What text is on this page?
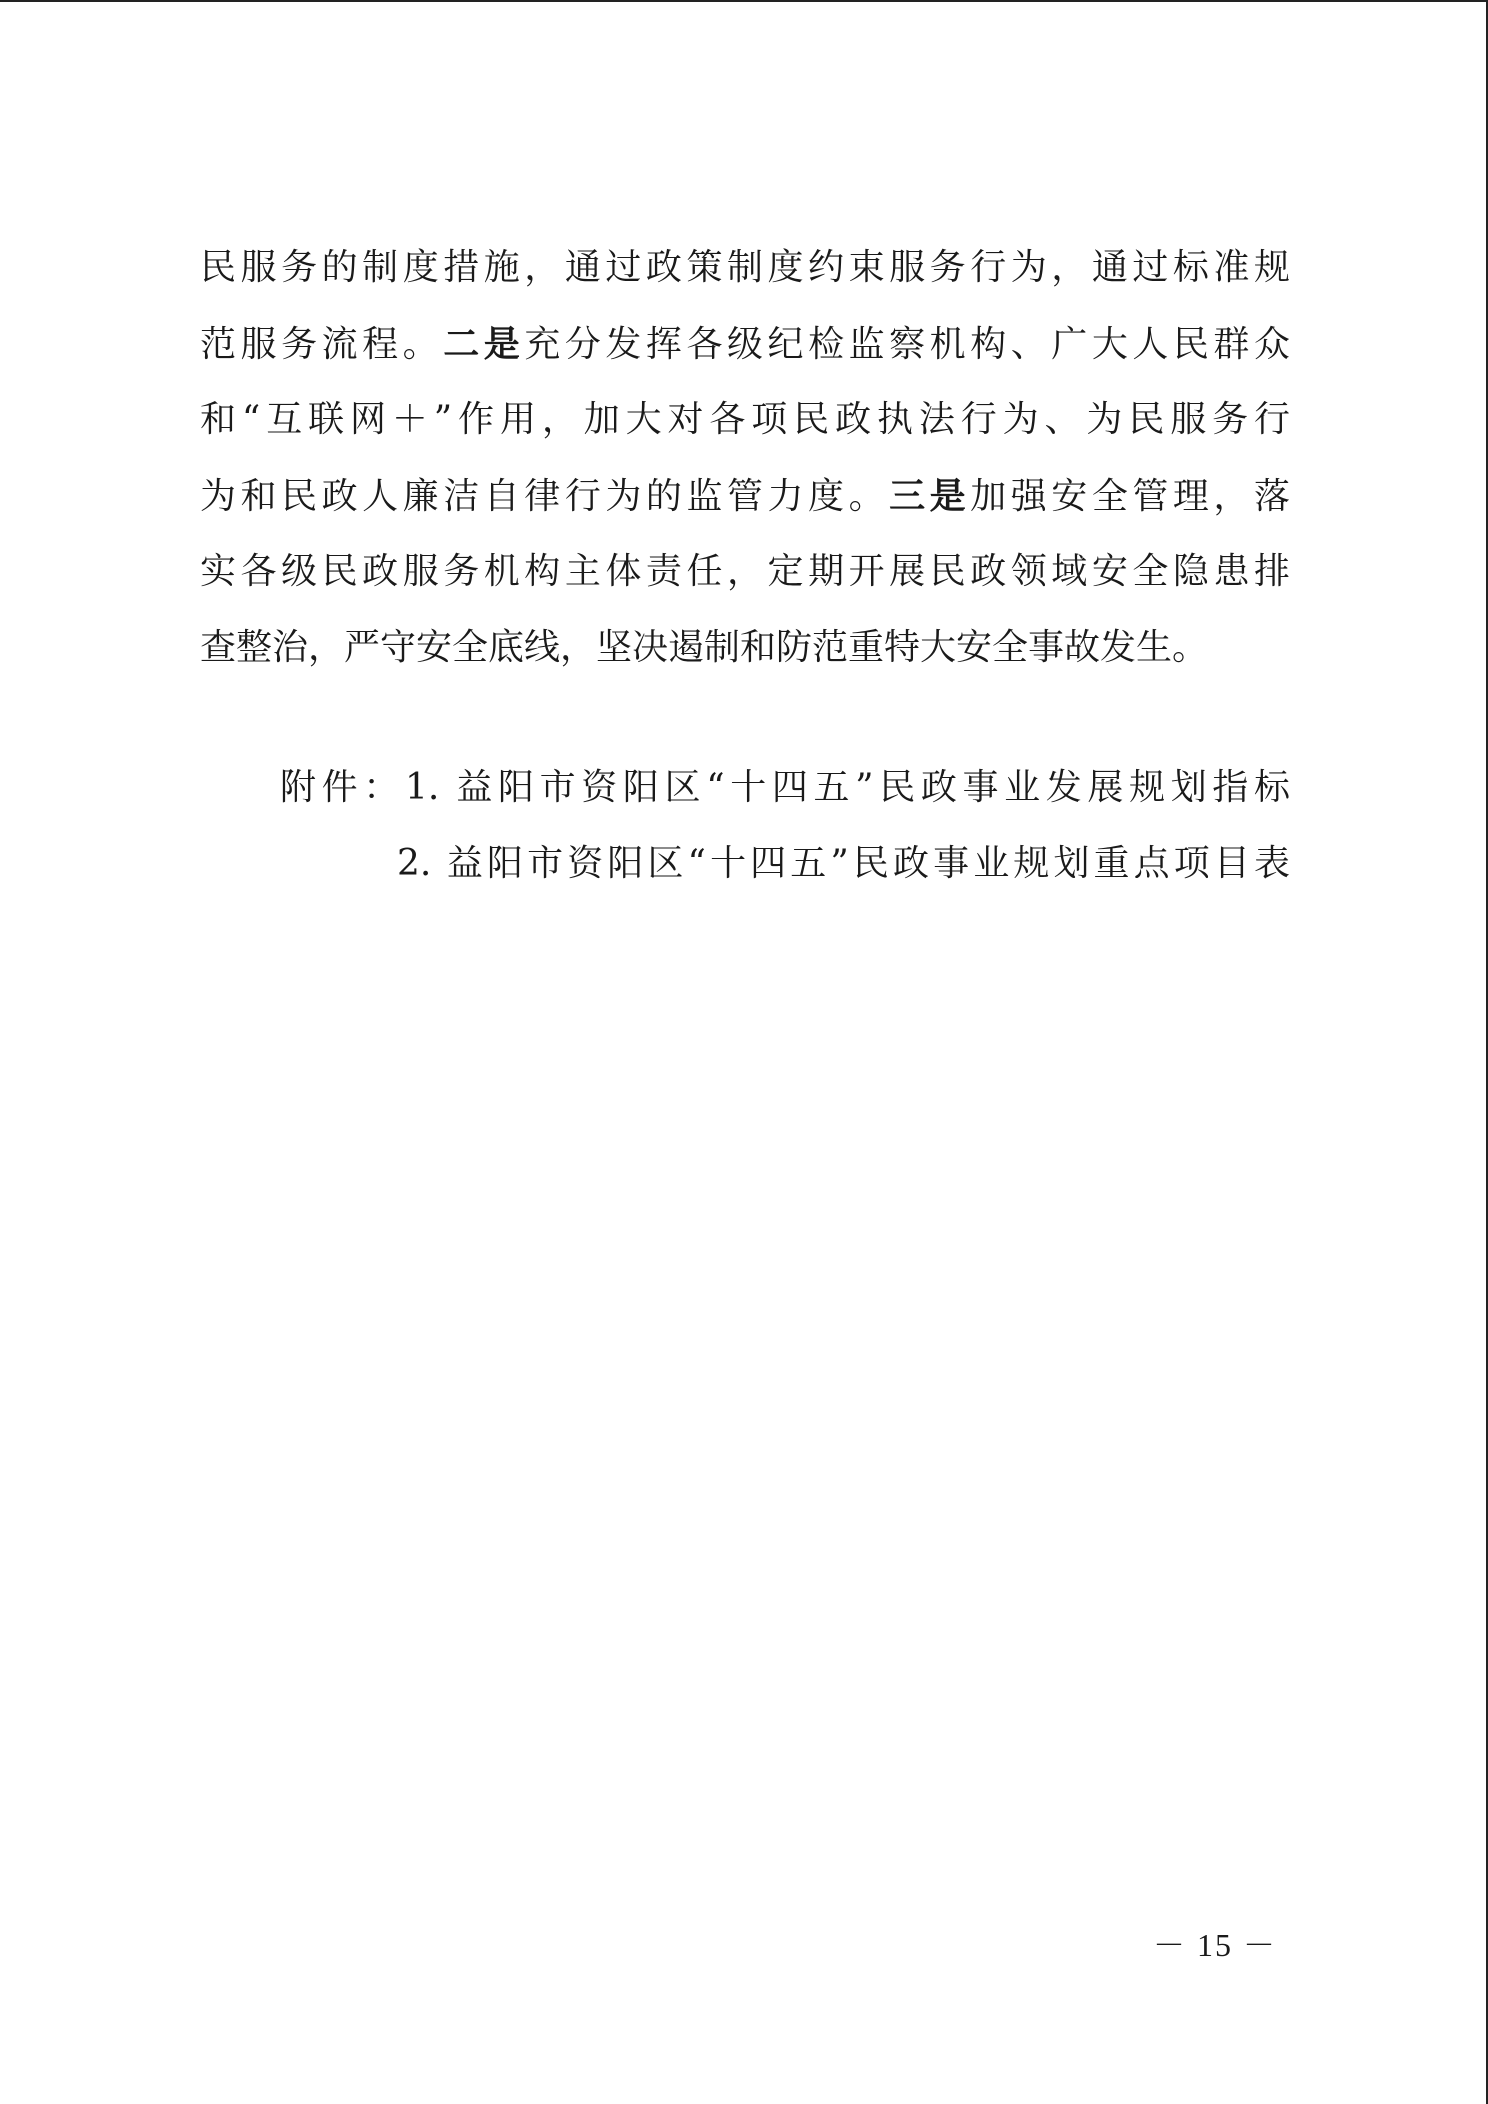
民服务的制度措施，通过政策制度约束服务行为，通过标准规
范服务流程。二是充分发挥各级纪检监察机构、广大人民群众
和“互联网＋”作用，加大对各项民政执法行为、为民服务行
为和民政人廉洁自律行为的监管力度。三是加强安全管理，落
实各级民政服务机构主体责任，定期开展民政领域安全隐患排
查整治，严守安全底线，坚决遏制和防范重特大安全事故发生。
附件：1. 益阳市资阳区“十四五”民政事业发展规划指标
2. 益阳市资阳区“十四五”民政事业规划重点项目表
－ 15 －
